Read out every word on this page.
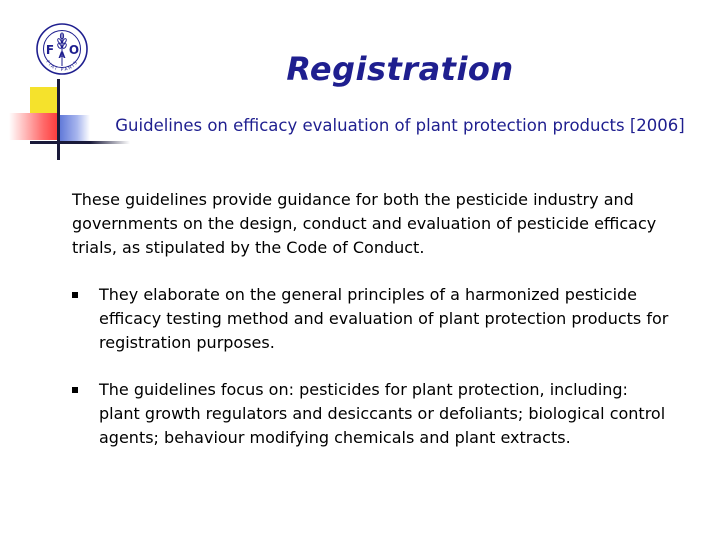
F A O
FIAT PANIS	Registration
Guidelines on efficacy evaluation of plant protection products [2006]
These guidelines provide guidance for both the pesticide industry and governments on the design, conduct and evaluation of pesticide efficacy trials, as stipulated by the Code of Conduct.
They elaborate on the general principles of a harmonized pesticide efficacy testing method and evaluation of plant protection products for registration purposes.
The guidelines focus on: pesticides for plant protection, including: plant growth regulators and desiccants or defoliants; biological control agents; behaviour modifying chemicals and plant extracts.
